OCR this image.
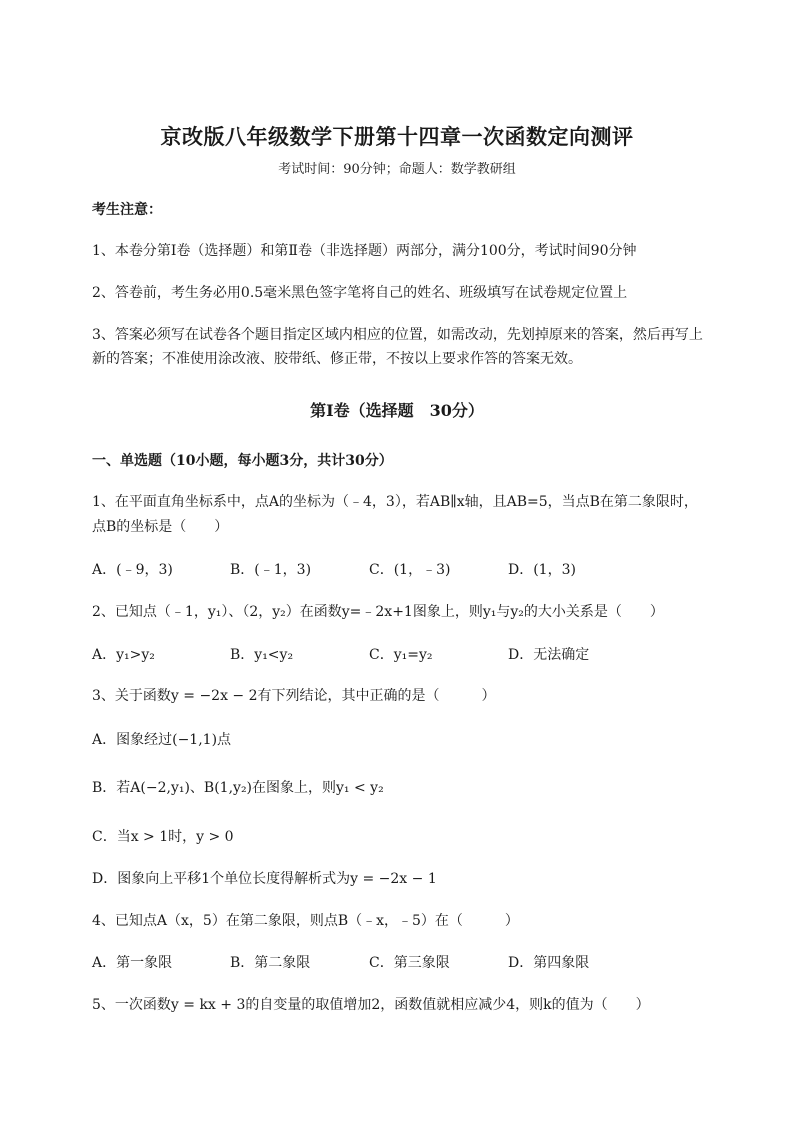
京改版八年级数学下册第十四章一次函数定向测评
考试时间：90分钟；命题人：数学教研组
考生注意：
1、本卷分第Ⅰ卷（选择题）和第Ⅱ卷（非选择题）两部分，满分100分，考试时间90分钟
2、答卷前，考生务必用0.5毫米黑色签字笔将自己的姓名、班级填写在试卷规定位置上
3、答案必须写在试卷各个题目指定区域内相应的位置，如需改动，先划掉原来的答案，然后再写上新的答案；不准使用涂改液、胶带纸、修正带，不按以上要求作答的答案无效。
第Ⅰ卷（选择题　30分）
一、单选题（10小题，每小题3分，共计30分）
1、在平面直角坐标系中，点A的坐标为（﹣4，3），若AB∥x轴，且AB=5，当点B在第二象限时，
点B的坐标是（　　）
A．(﹣9，3)	B．(﹣1，3)	C．(1，﹣3)	D．(1，3)
2、已知点（﹣1，y₁）、（2，y₂）在函数y=﹣2x+1图象上，则y₁与y₂的大小关系是（　　）
A．y₁>y₂	B．y₁<y₂	C．y₁=y₂	D．无法确定
3、关于函数y = −2x − 2有下列结论，其中正确的是（　　　）
A．图象经过(−1,1)点
B．若A(−2,y₁)、B(1,y₂)在图象上，则y₁ < y₂
C．当x > 1时，y > 0
D．图象向上平移1个单位长度得解析式为y = −2x − 1
4、已知点A（x，5）在第二象限，则点B（﹣x，﹣5）在（　　　）
A．第一象限	B．第二象限	C．第三象限	D．第四象限
5、一次函数y = kx + 3的自变量的取值增加2，函数值就相应减少4，则k的值为（　　）
